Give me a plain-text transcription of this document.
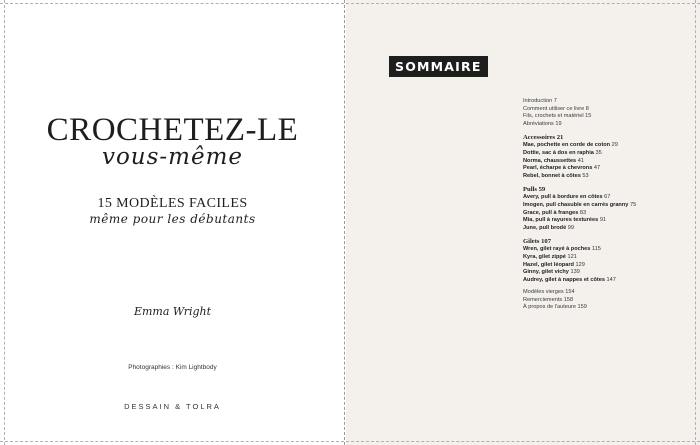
CROCHETEZ-LE
vous-même
15 MODÈLES FACILES
même pour les débutants
Emma Wright
Photographies : Kim Lightbody
DESSAIN & TOLRA
SOMMAIRE
Introduction 7
Comment utiliser ce livre 8
Fils, crochets et matériel 15
Abréviations 19
Accessoires 21
Mae, pochette en corde de coton 29
Dottie, sac à dos en raphia 35
Norma, chaussettes 41
Pearl, écharpe à chevrons 47
Rebel, bonnet à côtes 53
Pulls 59
Avery, pull à bordure en côtes 67
Imogen, pull chasuble en carrés granny 75
Grace, pull à franges 83
Mia, pull à rayures texturées 91
June, pull brodé 99
Gilets 107
Wren, gilet rayé à poches 115
Kyra, gilet zippé 121
Hazel, gilet léopard 129
Ginny, gilet vichy 139
Audrey, gilet à nappes et côtes 147
Modèles vierges 154
Remerciements 158
À propos de l'auteure 159
